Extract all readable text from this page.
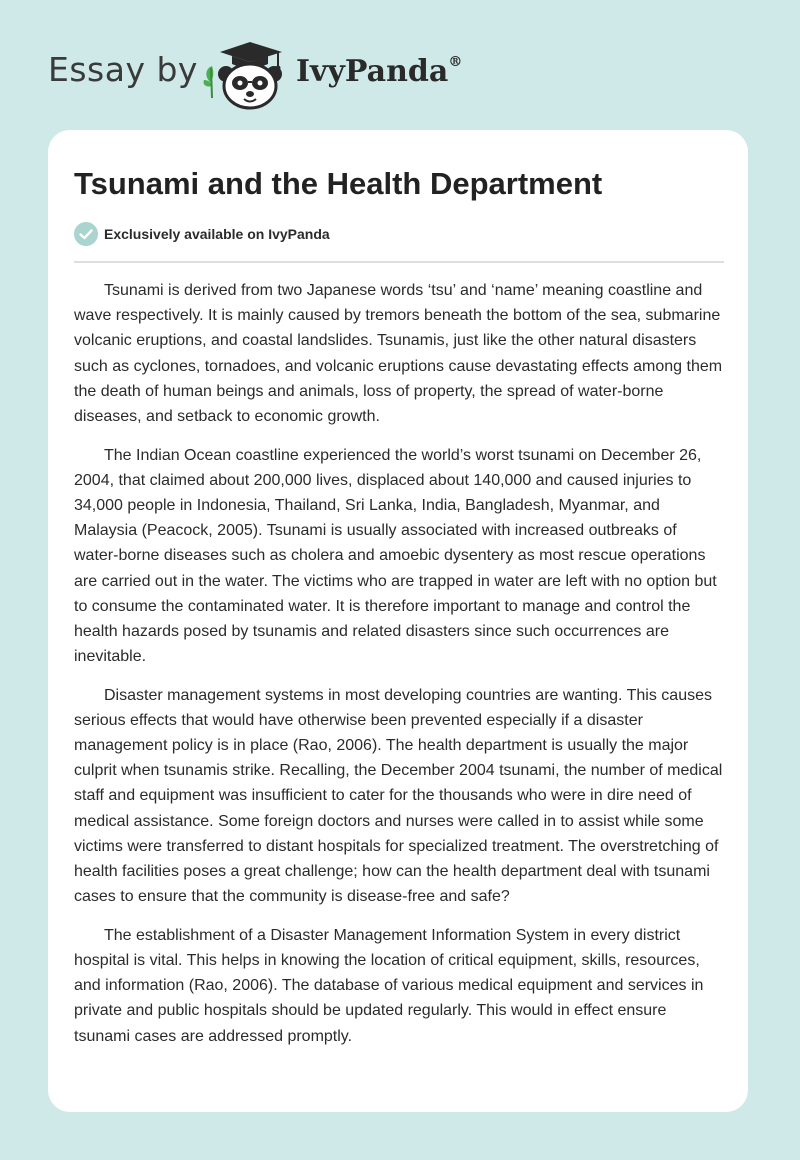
Essay by	IvyPanda®
Tsunami and the Health Department
Exclusively available on IvyPanda

Tsunami is derived from two Japanese words ‘tsu’ and ‘name’ meaning coastline and wave respectively. It is mainly caused by tremors beneath the bottom of the sea, submarine volcanic eruptions, and coastal landslides. Tsunamis, just like the other natural disasters such as cyclones, tornadoes, and volcanic eruptions cause devastating effects among them the death of human beings and animals, loss of property, the spread of water-borne diseases, and setback to economic growth.

The Indian Ocean coastline experienced the world’s worst tsunami on December 26, 2004, that claimed about 200,000 lives, displaced about 140,000 and caused injuries to 34,000 people in Indonesia, Thailand, Sri Lanka, India, Bangladesh, Myanmar, and Malaysia (Peacock, 2005). Tsunami is usually associated with increased outbreaks of water-borne diseases such as cholera and amoebic dysentery as most rescue operations are carried out in the water. The victims who are trapped in water are left with no option but to consume the contaminated water. It is therefore important to manage and control the health hazards posed by tsunamis and related disasters since such occurrences are inevitable.

Disaster management systems in most developing countries are wanting. This causes serious effects that would have otherwise been prevented especially if a disaster management policy is in place (Rao, 2006). The health department is usually the major culprit when tsunamis strike. Recalling, the December 2004 tsunami, the number of medical staff and equipment was insufficient to cater for the thousands who were in dire need of medical assistance. Some foreign doctors and nurses were called in to assist while some victims were transferred to distant hospitals for specialized treatment. The overstretching of health facilities poses a great challenge; how can the health department deal with tsunami cases to ensure that the community is disease-free and safe?

The establishment of a Disaster Management Information System in every district hospital is vital. This helps in knowing the location of critical equipment, skills, resources, and information (Rao, 2006). The database of various medical equipment and services in private and public hospitals should be updated regularly. This would in effect ensure tsunami cases are addressed promptly.
